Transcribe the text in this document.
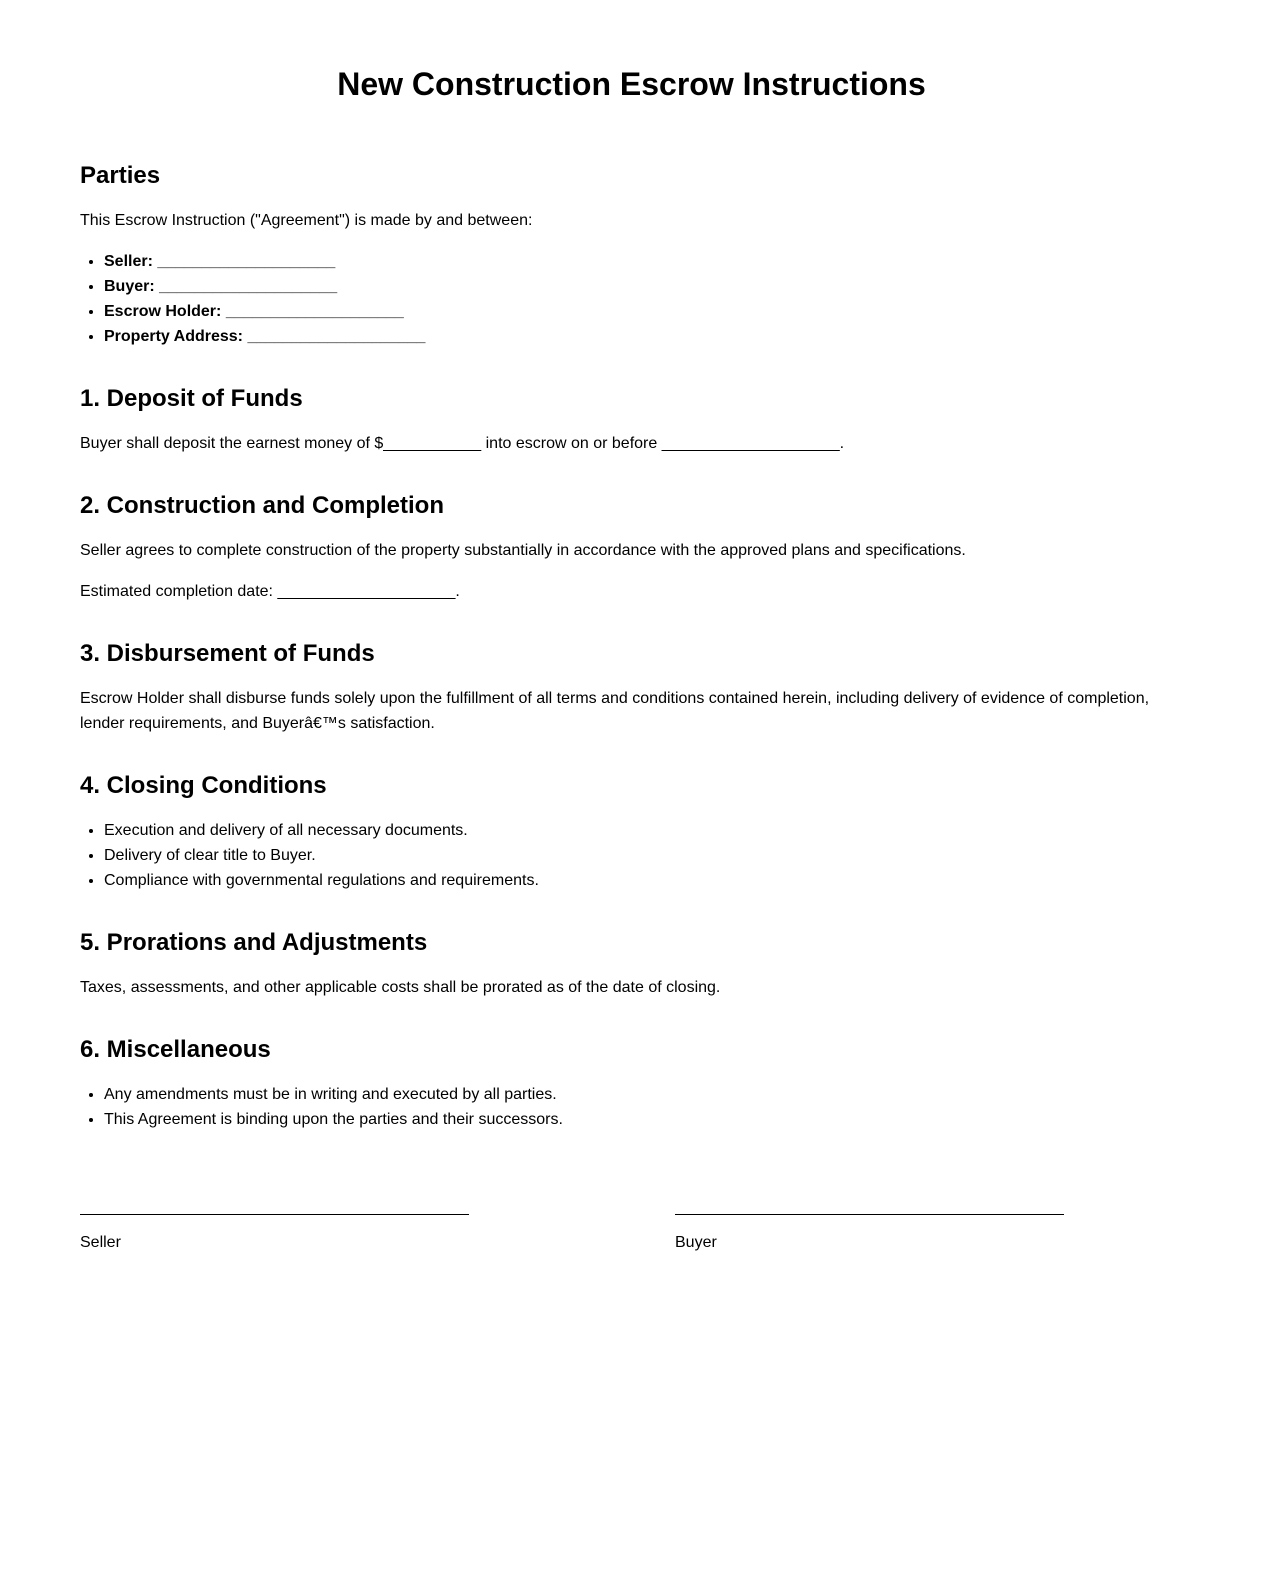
New Construction Escrow Instructions
Parties

This Escrow Instruction ("Agreement") is made by and between:

• Seller: ____________________
• Buyer: ____________________
• Escrow Holder: ____________________
• Property Address: ____________________
1. Deposit of Funds

Buyer shall deposit the earnest money of $___________ into escrow on or before ____________________.

2. Construction and Completion

Seller agrees to complete construction of the property substantially in accordance with the approved plans and specifications.

Estimated completion date: ____________________.

3. Disbursement of Funds

Escrow Holder shall disburse funds solely upon the fulfillment of all terms and conditions contained herein, including delivery of evidence of completion, lender requirements, and Buyerâ€™s satisfaction.

4. Closing Conditions
• Execution and delivery of all necessary documents.
• Delivery of clear title to Buyer.
• Compliance with governmental regulations and requirements.
5. Prorations and Adjustments

Taxes, assessments, and other applicable costs shall be prorated as of the date of closing.

6. Miscellaneous
• Any amendments must be in writing and executed by all parties.
• This Agreement is binding upon the parties and their successors.
Seller	Buyer
